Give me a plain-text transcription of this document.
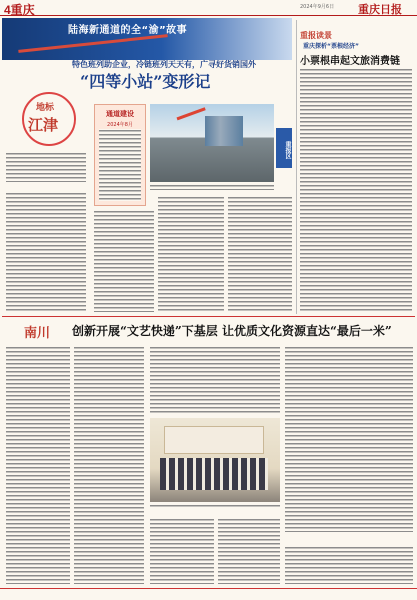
4重庆	2024年9月6日 重庆日报
陆海新通道的全“渝”故事
特色班列助企业，冷链班列天天有，广寻好货销国外
“四等小站”变形记
地标
江津
通道建设
2024年8月
重报区
重报读景
重庆探析“票根经济”
小票根串起文旅消费链
南川 创新开展“文艺快递”下基层 让优质文化资源直达“最后一米”
